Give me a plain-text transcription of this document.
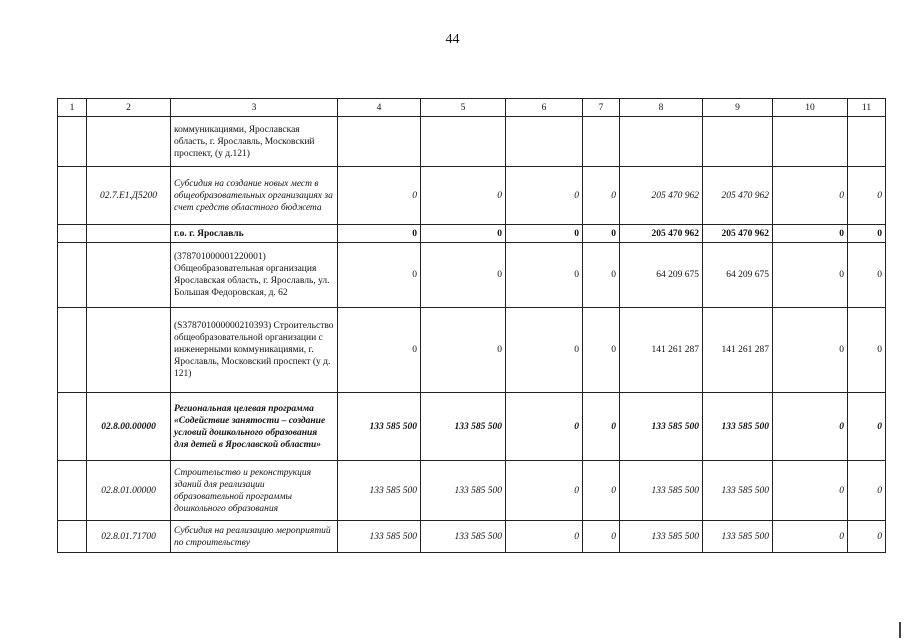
44
1	2	3	4	5	6	7	8	9	10	11
		коммуникациями, Ярославская область, г. Ярославль, Московский проспект, (у д.121)								
	02.7.E1.Д5200	Субсидия на создание новых мест в общеобразовательных организациях за счет средств областного бюджета	0	0	0	0	205 470 962	205 470 962	0	0
		г.о. г. Ярославль	0	0	0	0	205 470 962	205 470 962	0	0
		(378701000001220001) Общеобразовательная организация Ярославская область, г. Ярославль, ул. Большая Федоровская, д. 62	0	0	0	0	64 209 675	64 209 675	0	0
		(S378701000000210393) Строительство общеобразовательной организации с инженерными коммуникациями, г. Ярославль, Московский проспект (у д. 121)	0	0	0	0	141 261 287	141 261 287	0	0
	02.8.00.00000	Региональная целевая программа «Содействие занятости – создание условий дошкольного образования для детей в Ярославской области»	133 585 500	133 585 500	0	0	133 585 500	133 585 500	0	0
	02.8.01.00000	Строительство и реконструкция зданий для реализации образовательной программы дошкольного образования	133 585 500	133 585 500	0	0	133 585 500	133 585 500	0	0
	02.8.01.71700	Субсидия на реализацию мероприятий по строительству	133 585 500	133 585 500	0	0	133 585 500	133 585 500	0	0
